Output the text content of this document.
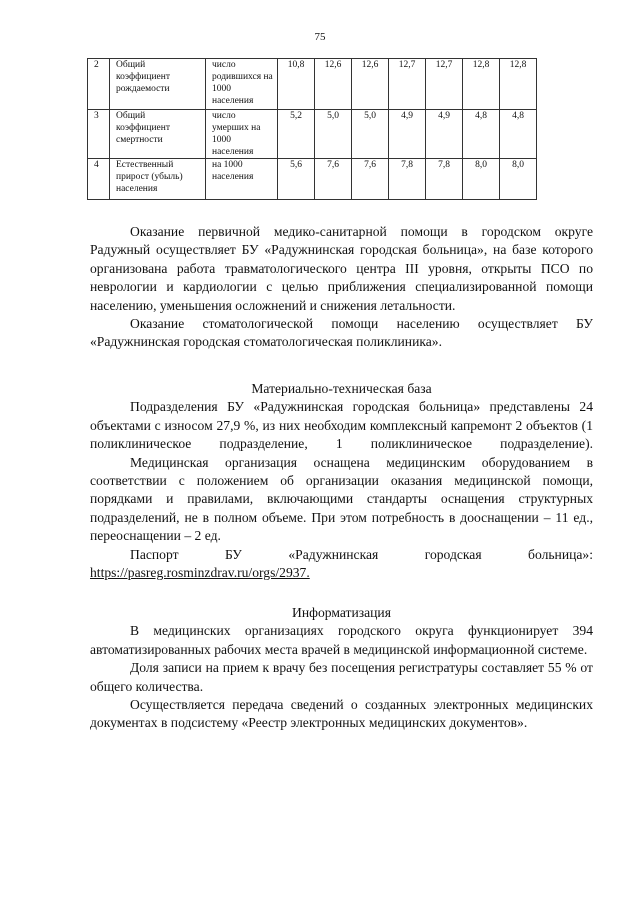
75
2	Общий коэффициент рождаемости	число родившихся на 1000 населения	10,8	12,6	12,6	12,7	12,7	12,8	12,8
3	Общий коэффициент смертности	число умерших на 1000 населения	5,2	5,0	5,0	4,9	4,9	4,8	4,8
4	Естественный прирост (убыль) населения	на 1000 населения	5,6	7,6	7,6	7,8	7,8	8,0	8,0

Оказание первичной медико-санитарной помощи в городском округе Радужный осуществляет БУ «Радужнинская городская больница», на базе которого организована работа травматологического центра III уровня, открыты ПСО по неврологии и кардиологии с целью приближения специализированной помощи населению, уменьшения осложнений и снижения летальности.

Оказание стоматологической помощи населению осуществляет БУ «Радужнинская городская стоматологическая поликлиника».

Материально-техническая база

Подразделения БУ «Радужнинская городская больница» представлены 24 объектами с износом 27,9 %, из них необходим комплексный капремонт 2 объектов (1 поликлиническое подразделение, 1 поликлиническое подразделение).

Медицинская организация оснащена медицинским оборудованием в соответствии с положением об организации оказания медицинской помощи, порядками и правилами, включающими стандарты оснащения структурных подразделений, не в полном объеме. При этом потребность в дооснащении – 11 ед., переоснащении – 2 ед.

Паспорт БУ «Радужнинская городская больница»:

https://pasreg.rosminzdrav.ru/orgs/2937.
Информатизация

В медицинских организациях городского округа функционирует 394 автоматизированных рабочих места врачей в медицинской информационной системе.

Доля записи на прием к врачу без посещения регистратуры составляет 55 % от общего количества.

Осуществляется передача сведений о созданных электронных медицинских документах в подсистему «Реестр электронных медицинских документов».
